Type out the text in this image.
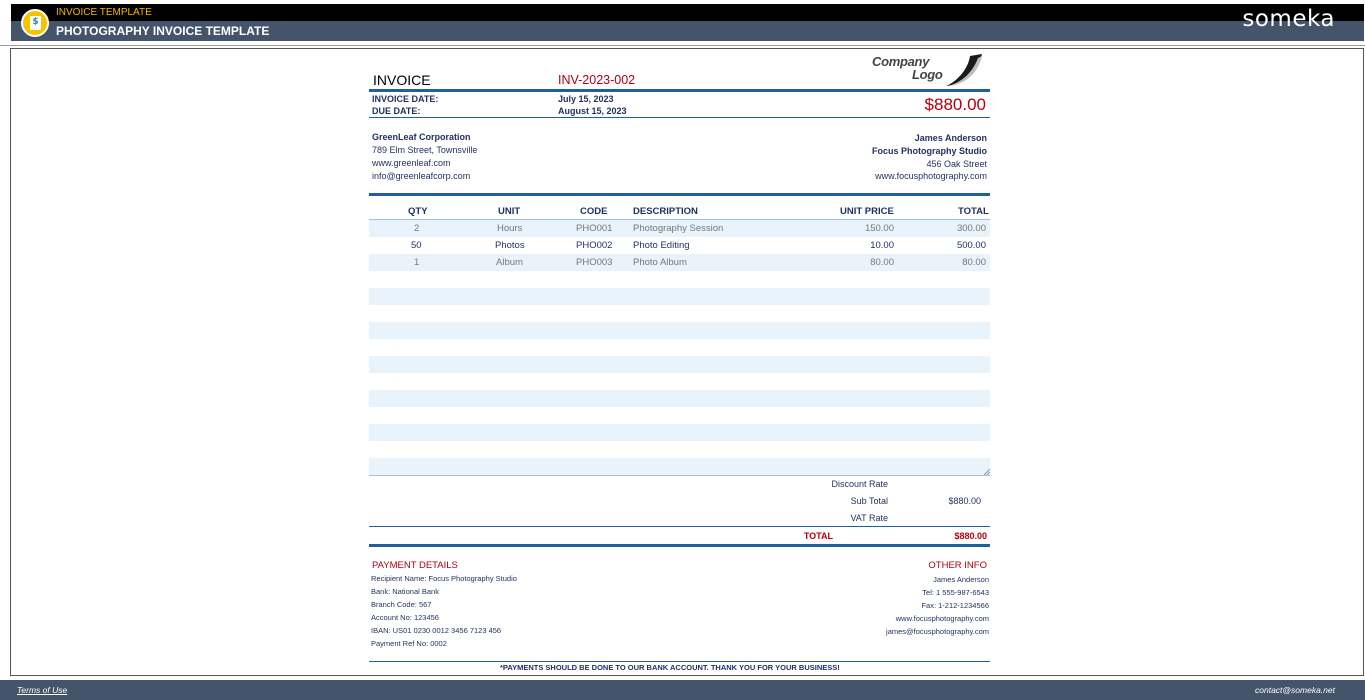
$
INVOICE TEMPLATE
PHOTOGRAPHY INVOICE TEMPLATE	someka
INVOICE	INV-2023-002
Company
Logo
INVOICE DATE:	July 15, 2023
DUE DATE:	August 15, 2023	$880.00
GreenLeaf Corporation
789 Elm Street, Townsville
www.greenleaf.com
info@greenleafcorp.com
James Anderson
Focus Photography Studio
456 Oak Street
www.focusphotography.com
QTY	UNIT	CODE	DESCRIPTION	UNIT PRICE	TOTAL
2	Hours	PHO001 Photography Session	150.00	300.00
50	Photos	PHO002 Photo Editing	10.00	500.00
1	Album	PHO003 Photo Album	80.00	80.00
Discount Rate
Sub Total	$880.00
VAT Rate
TOTAL	$880.00
PAYMENT DETAILS
Recipient Name: Focus Photography Studio
Bank: National Bank
Branch Code: 567
Account No: 123456
IBAN: US01 0230 0012 3456 7123 456
Payment Ref No: 0002
OTHER INFO
James Anderson
Tel: 1 555-987-6543
Fax: 1-212-1234566
www.focusphotography.com
james@focusphotography.com
*PAYMENTS SHOULD BE DONE TO OUR BANK ACCOUNT. THANK YOU FOR YOUR BUSINESS!
Terms of Use	contact@someka.net
